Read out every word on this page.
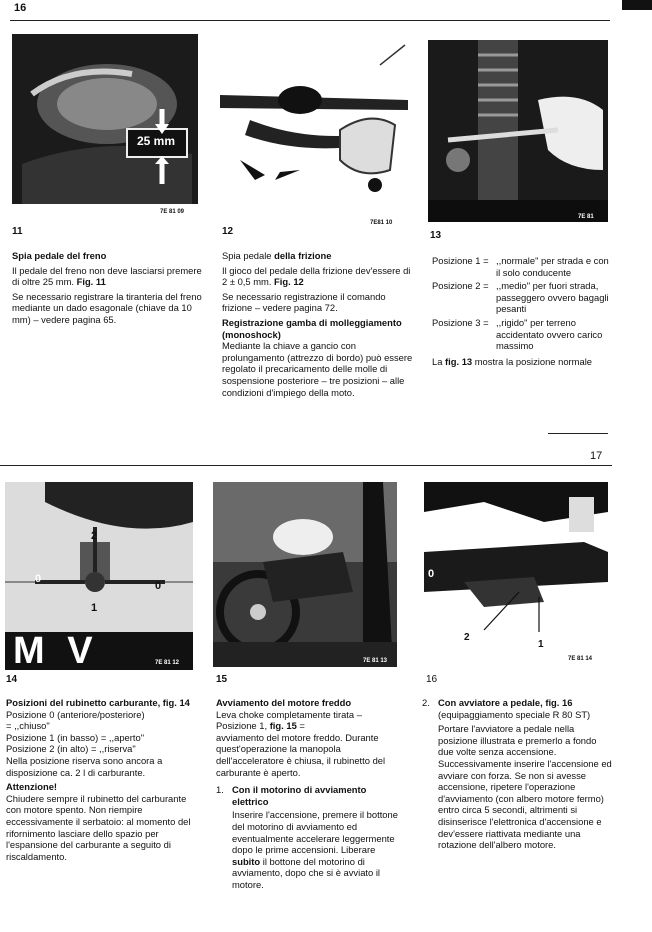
16
25 mm
7E 81 09
11
7E81 10
12
7E 81
13

Spia pedale del freno

Il pedale del freno non deve lasciarsi premere di oltre 25 mm. Fig. 11

Se necessario registrare la tiranteria del freno mediante un dado esagonale (chiave da 10 mm) – vedere pagina 65.

Spia pedale della frizione

Il gioco del pedale della frizione dev'essere di 2 ± 0,5 mm. Fig. 12

Se necessario registrazione il comando frizione – vedere pagina 72.

Registrazione gamba di molleggiamento (monoshock)

Mediante la chiave a gancio con prolungamento (attrezzo di bordo) può essere regolato il precaricamento delle molle di sospensione posteriore – tre posizioni – alle condizioni d'impiego della moto.

Posizione 1 = ,,normale" per strada e con il solo conducente
Posizione 2 = ,,medio" per fuori strada, passeggero ovvero bagagli pesanti
Posizione 3 = ,,rigido" per terreno accidentato ovvero carico massimo

La fig. 13 mostra la posizione normale

17
M V
0
0
1
2
7E 81 12
14
7E 81 13
15
0
2
1
7E 81 14
16

Posizioni del rubinetto carburante, fig. 14

Posizione 0 (anteriore/posteriore)
= ,,chiuso"
Posizione 1 (in basso) = ,,aperto"
Posizione 2 (in alto) = ,,riserva"

Nella posizione riserva sono ancora a disposizione ca. 2 l di carburante.

Attenzione!

Chiudere sempre il rubinetto del carburante con motore spento. Non riempire eccessivamente il serbatoio: al momento del rifornimento lasciare dello spazio per l'espansione del carburante a seguito di riscaldamento.

Avviamento del motore freddo

Leva choke completamente tirata –
Posizione 1, fig. 15 =

avviamento del motore freddo. Durante quest'operazione la manopola dell'acceleratore è chiusa, il rubinetto del carburante è aperto.

1. Con il motorino di avviamento elettrico

Inserire l'accensione, premere il bottone del motorino di avviamento ed eventualmente accelerare leggermente dopo le prime accensioni. Liberare subito il bottone del motorino di avviamento, dopo che si è avviato il motore.

2. Con avviatore a pedale, fig. 16

(equipaggiamento speciale R 80 ST)

Portare l'avviatore a pedale nella posizione illustrata e premerlo a fondo due volte senza accensione. Successivamente inserire l'accensione ed avviare con forza. Se non si avesse accensione, ripetere l'operazione d'avviamento (con albero motore fermo) entro circa 5 secondi, altrimenti si disinserisce l'elettronica d'accensione e dev'essere riattivata mediante una rotazione dell'albero motore.
